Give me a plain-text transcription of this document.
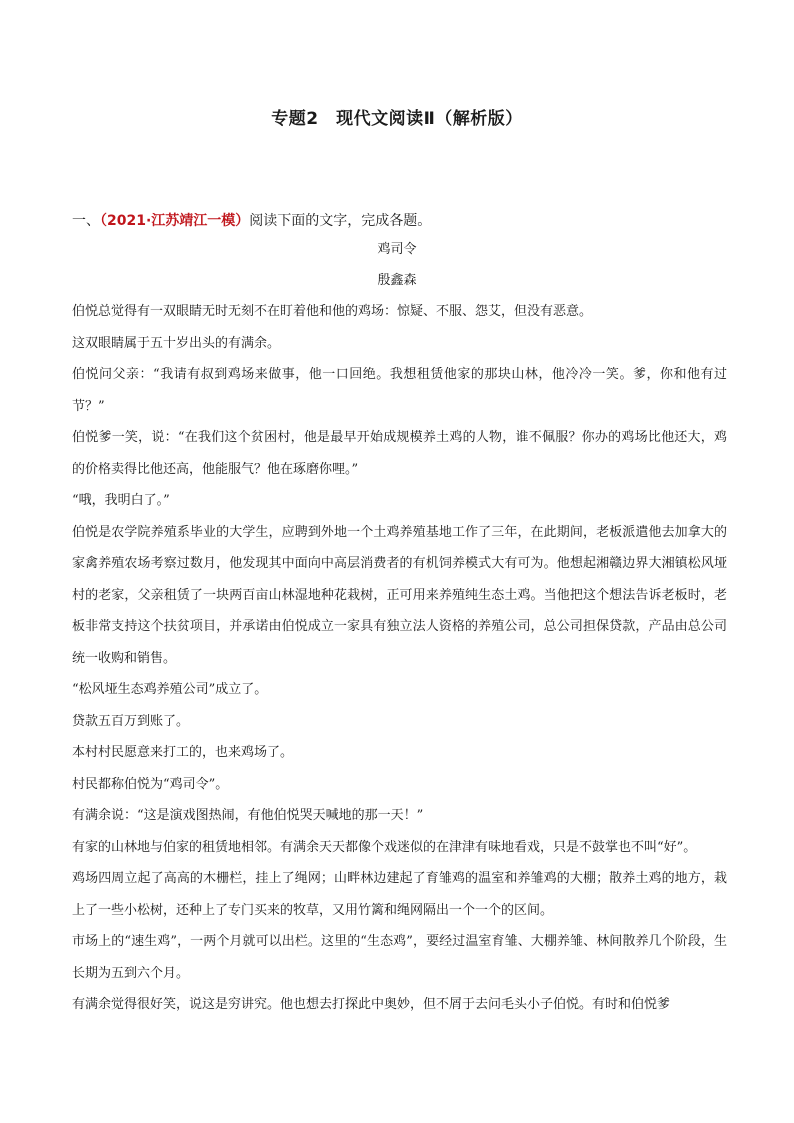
专题2　现代文阅读Ⅱ（解析版）
一、（2021·江苏靖江一模）阅读下面的文字，完成各题。
鸡司令
殷鑫森

伯悦总觉得有一双眼睛无时无刻不在盯着他和他的鸡场：惊疑、不服、怨艾，但没有恶意。

这双眼睛属于五十岁出头的有满余。

伯悦问父亲：“我请有叔到鸡场来做事，他一口回绝。我想租赁他家的那块山林，他冷冷一笑。爹，你和他有过节？”

伯悦爹一笑，说：“在我们这个贫困村，他是最早开始成规模养土鸡的人物，谁不佩服？你办的鸡场比他还大，鸡的价格卖得比他还高，他能服气？他在琢磨你哩。”

“哦，我明白了。”

伯悦是农学院养殖系毕业的大学生，应聘到外地一个土鸡养殖基地工作了三年，在此期间，老板派遣他去加拿大的家禽养殖农场考察过数月，他发现其中面向中高层消费者的有机饲养模式大有可为。他想起湘赣边界大湘镇松风垭村的老家，父亲租赁了一块两百亩山林湿地种花栽树，正可用来养殖纯生态土鸡。当他把这个想法告诉老板时，老板非常支持这个扶贫项目，并承诺由伯悦成立一家具有独立法人资格的养殖公司，总公司担保贷款，产品由总公司统一收购和销售。

“松风垭生态鸡养殖公司”成立了。

贷款五百万到账了。

本村村民愿意来打工的，也来鸡场了。

村民都称伯悦为“鸡司令”。

有满余说：“这是演戏图热闹，有他伯悦哭天喊地的那一天！”

有家的山林地与伯家的租赁地相邻。有满余天天都像个戏迷似的在津津有味地看戏，只是不鼓掌也不叫“好”。

鸡场四周立起了高高的木栅栏，挂上了绳网；山畔林边建起了育雏鸡的温室和养雏鸡的大棚；散养土鸡的地方，栽上了一些小松树，还种上了专门买来的牧草，又用竹篱和绳网隔出一个一个的区间。

市场上的“速生鸡”，一两个月就可以出栏。这里的“生态鸡”，要经过温室育雏、大棚养雏、林间散养几个阶段，生长期为五到六个月。

有满余觉得很好笑，说这是穷讲究。他也想去打探此中奥妙，但不屑于去问毛头小子伯悦。有时和伯悦爹
